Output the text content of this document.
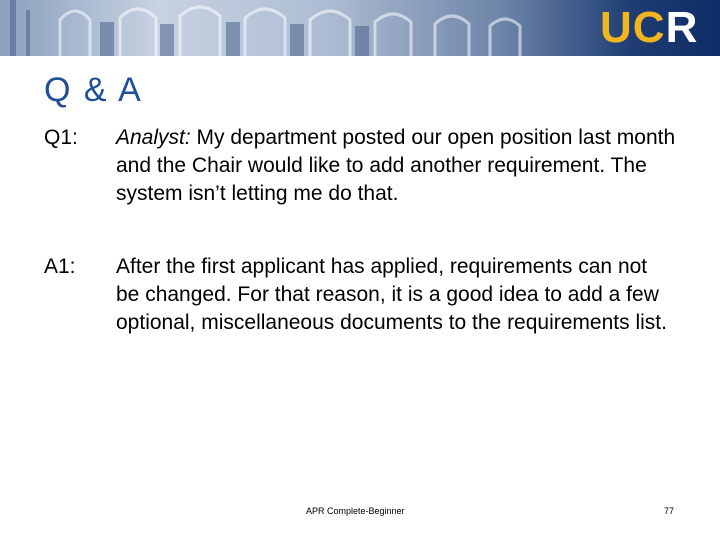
UC R
Q & A
Q1: Analyst: My department posted our open position last month and the Chair would like to add another requirement. The system isn’t letting me do that.
A1: After the first applicant has applied, requirements can not be changed. For that reason, it is a good idea to add a few optional, miscellaneous documents to the requirements list.
APR Complete-Beginner	77
